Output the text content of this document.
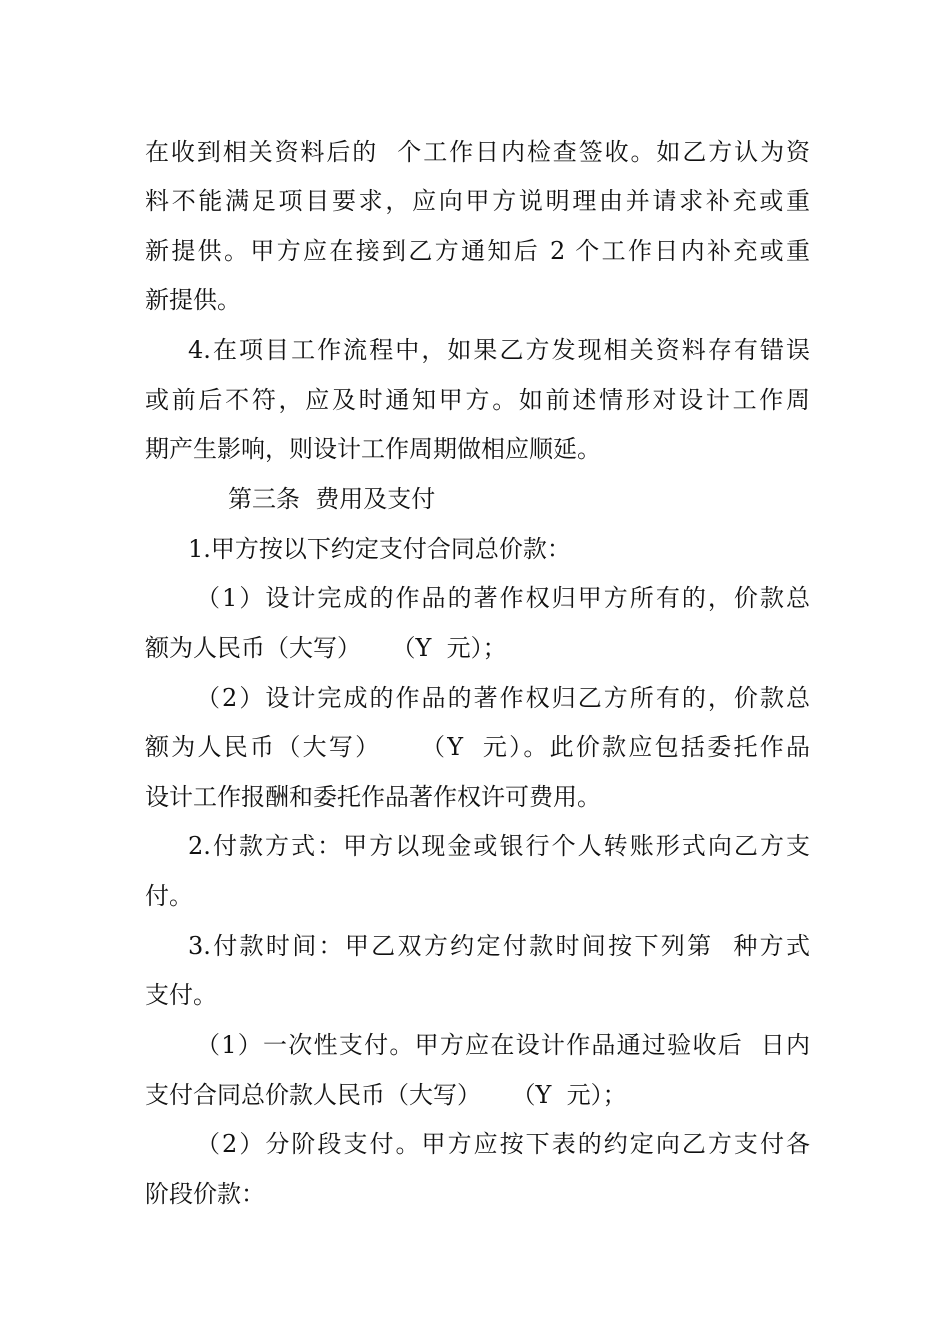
在收到相关资料后的  个工作日内检查签收。如乙方认为资
料不能满足项目要求，应向甲方说明理由并请求补充或重
新提供。甲方应在接到乙方通知后 2 个工作日内补充或重
新提供。
4.在项目工作流程中，如果乙方发现相关资料存有错误
或前后不符，应及时通知甲方。如前述情形对设计工作周
期产生影响，则设计工作周期做相应顺延。
第三条  费用及支付
1.甲方按以下约定支付合同总价款：
（1）设计完成的作品的著作权归甲方所有的，价款总
额为人民币（大写）    （Y  元）；
（2）设计完成的作品的著作权归乙方所有的，价款总
额为人民币（大写）    （Y  元）。此价款应包括委托作品
设计工作报酬和委托作品著作权许可费用。
2.付款方式：甲方以现金或银行个人转账形式向乙方支
付。
3.付款时间：甲乙双方约定付款时间按下列第  种方式
支付。
（1）一次性支付。甲方应在设计作品通过验收后  日内
支付合同总价款人民币（大写）    （Y  元）；
（2）分阶段支付。甲方应按下表的约定向乙方支付各
阶段价款：
